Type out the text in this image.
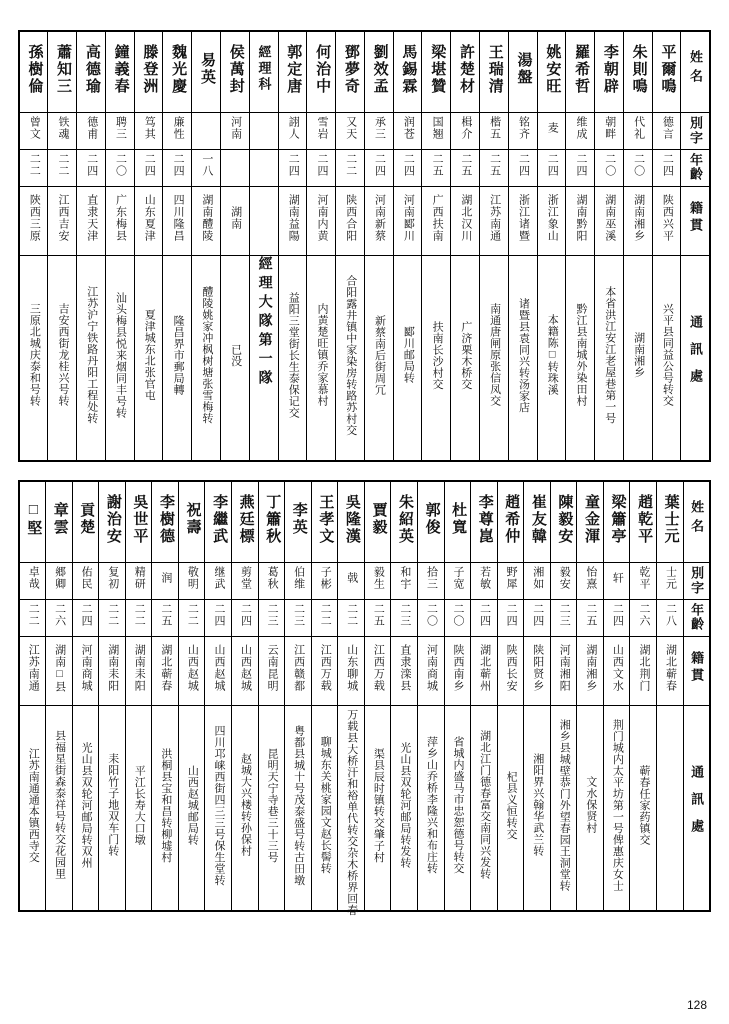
孫樹倫	蕭知三	高德瑜	鐘義春	滕登洲	魏光慶	易英	侯萬封	經理科	郭定唐	何治中	鄧夢奇	劉效孟	馬錫霖	梁堪贊	許楚材	王瑞清	湯盤	姚安旺	羅希哲	李朝辟	朱則鳴	平爾鳴	姓名

曾文	铁魂	德甫	聘三	笃其	廉性		河南		詡人	雪岩	又天	承三	润苍	国翘	楫介	楷五	铭齐	麦	维成	朝畔	代礼	德言	別字

二二	二二	二四	二〇	二四	二四	一八			二四	二四	二二	二四	二四	二五	二五	二五	二四	二四	二四	二〇	二〇	二四	年齡

陝西三原	江西吉安	直隶天津	广东梅县	山东夏津	四川隆昌	湖南醴陵	湖南		湖南益陽	河南内黄	陕西合阳	河南新蔡	河南郾川	广西扶南	湖北汉川	江苏南通	浙江诸暨	浙江象山	湖南黔阳	湖南巫溪	湖南湘乡	陕西兴平	籍貫

三原北城庆泰和号转	吉安西街龙桂兴号转	江苏沪宁铁路丹阳工程处转	汕头梅县悦来烟同丰号转	夏津城东北张官屯	隆昌界市郵局轉	醴陵姚家冲枫树塘张雪梅转	已没	經理大隊第一隊	益阳三堂街长生泰保记交	内黄楚旺镇乔家慕村	合阳露井镇中家染房转路苏村交	新蔡南后街周冗	郾川邮局转	扶南长沙村交	广济栗木桥交	南通唐闸原张信凤交	诸暨县袁同兴转汤家店	本籍陈□转珠溪	黔江县南城外染田村	本省洪江安江老屋巷第一号	湖南湘乡	兴平县同益公号转交	通訊處
□堅	章雲	貢楚	謝治安	吳世平	李樹德	祝壽	李繼武	燕廷標	丁簫秋	李英	王孝文	吳隆漢	賈毅	朱紹英	郭俊	杜寬	李尊崑	趙希仲	崔友韓	陳毅安	童金渾	梁簫亭	趙乾平	葉士元	姓名

卓哉	郷卿	佑民	复初	精研	润	敬明	继武	剪堂	葛秋	伯维	子彬	戟	毅生	和宇	拾三	子宽	若敏	野犀	湘如	毅安	怡熹	轩	乾平	士元	別字

二二	二六	二四	二二	二二	二五	二二	二四	二四	二三	二三	二二	二二	二五	二三	二〇	二〇	二四	二四	二四	二三	二五	二四	二六	二八	年齡

江苏南通	湖南□县	河南商城	湖南耒阳	湖南耒阳	湖北蕲春	山西赵城	山西赵城	山西赵城	云南昆明	江西赣都	江西万载	山东聊城	江西万载	直隶滦县	河南商城	陕西南乡	湖北蕲州	陕西长安	陕阳贤乡	河南湘阳	湖南湘乡	山西文水	湖北荆门	湖北蕲春	籍貫

江苏南通通本镇西寺交	县福星街森泰祥号转交花园里	光山县双轮河邮局转双州	耒阳竹子地双车门转	平江长寿大口墩	洪桐县宝和昌转柳墟村	山西赵城邮局转	四川邛崃西街四三三号保生堂转	赵城大兴楼转孙保村	昆明天宁寺巷三十三号	粤都县城十号茂泰盛号转古田墩	聊城东关桃家园文赵长髻转	万载县大桥汗和裕单代转交杂木桥界回春	渠县辰时镇转交肇子村	光山县双轮河邮局转发转	萍乡山乔桥李隆兴和布庄转	省城内盛马市忠恕德号转交	湖北江门德春富交南同兴发转	杞县义恒转交	湘阳界兴翰华武兰转	湘乡县城壁恭门外望春园王洞堂转	文水保贤村	荆门城内太平坊第一号俾惠庆女士	蕲春任家药镇交		通訊處
128
